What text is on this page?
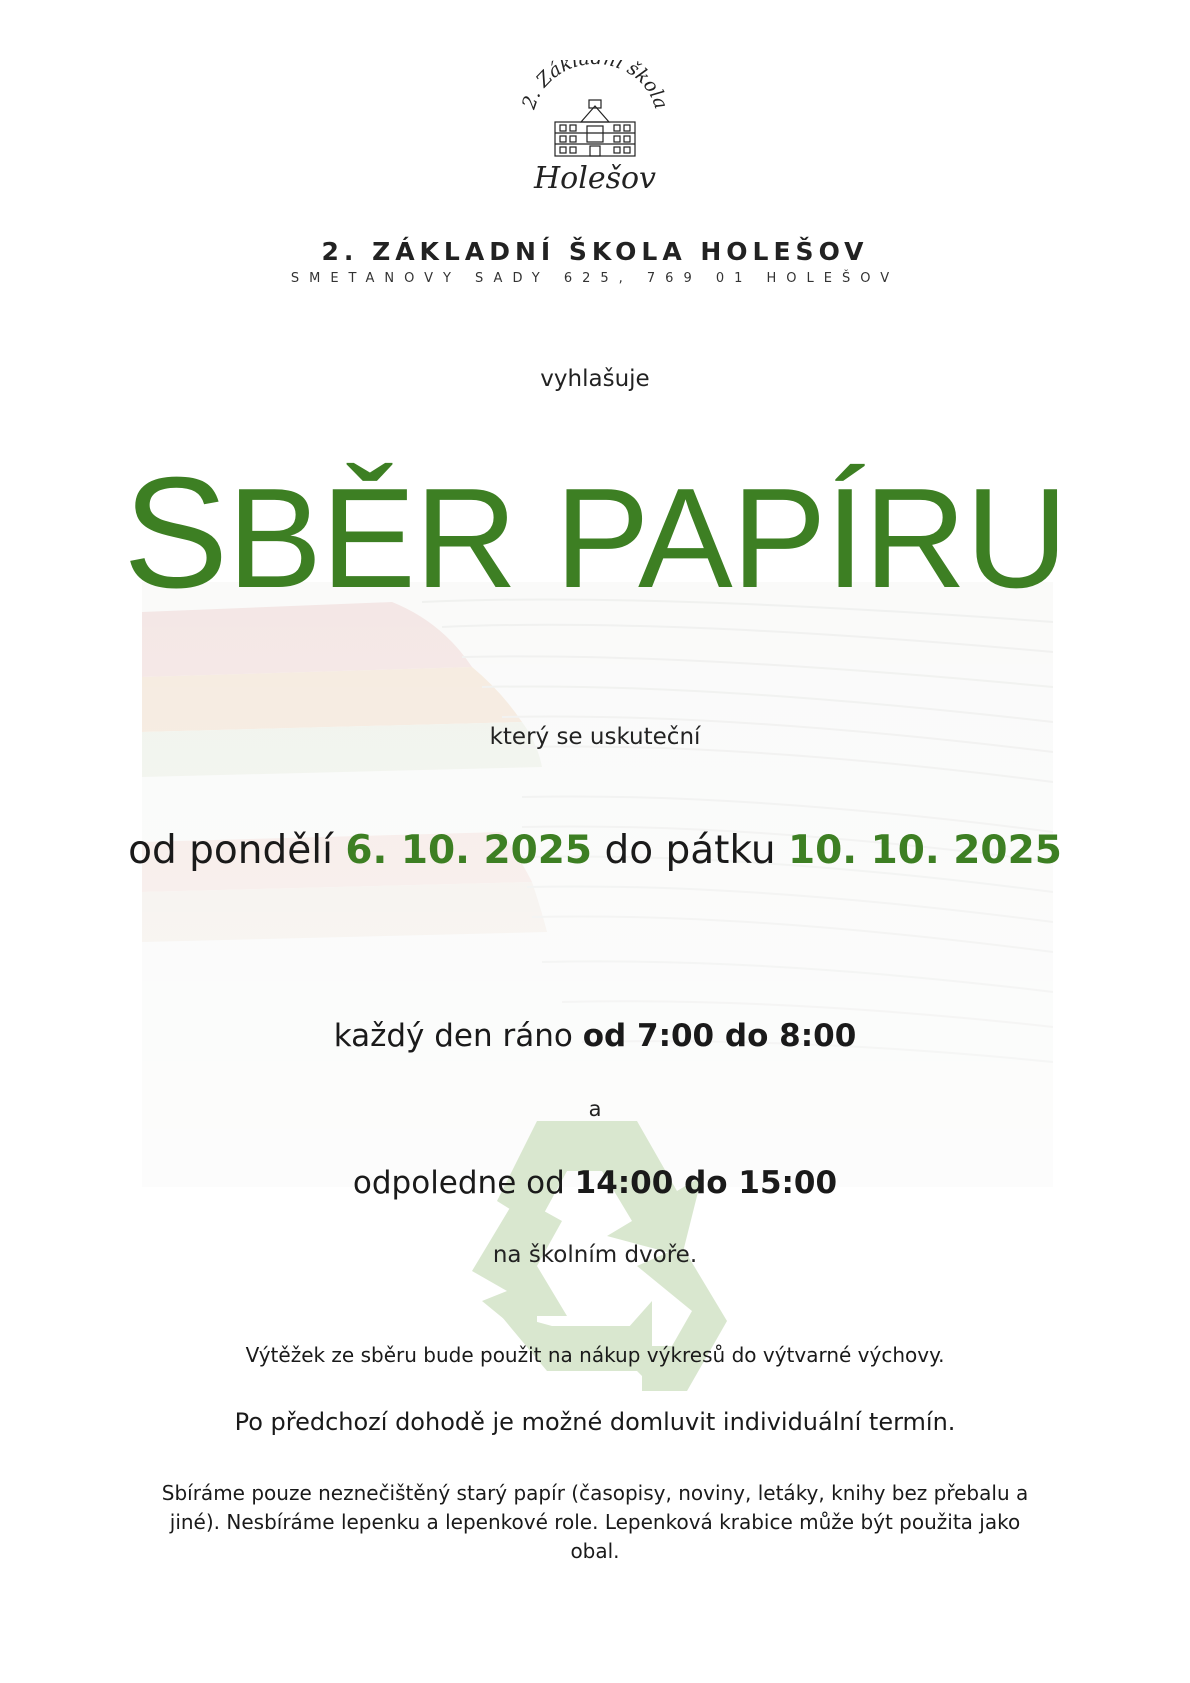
2. Zákl í škola
Holešov
2. ZÁKLADNÍ ŠKOLA HOLEŠOV
SMETANOVY SADY 625, 769 01 HOLEŠOV
vyhlašuje
SBĚR PAPÍRU
který se uskuteční
od pondělí 6. 10. 2025 do pátku 10. 10. 2025
každý den ráno od 7:00 do 8:00
a
odpoledne od 14:00 do 15:00
na školním dvoře.
Výtěžek ze sběru bude použit na nákup výkresů do výtvarné výchovy.
Po předchozí dohodě je možné domluvit individuální termín.
Sbíráme pouze neznečištěný starý papír (časopisy, noviny, letáky, knihy bez přebalu a jiné). Nesbíráme lepenku a lepenkové role. Lepenková krabice může být použita jako obal.
